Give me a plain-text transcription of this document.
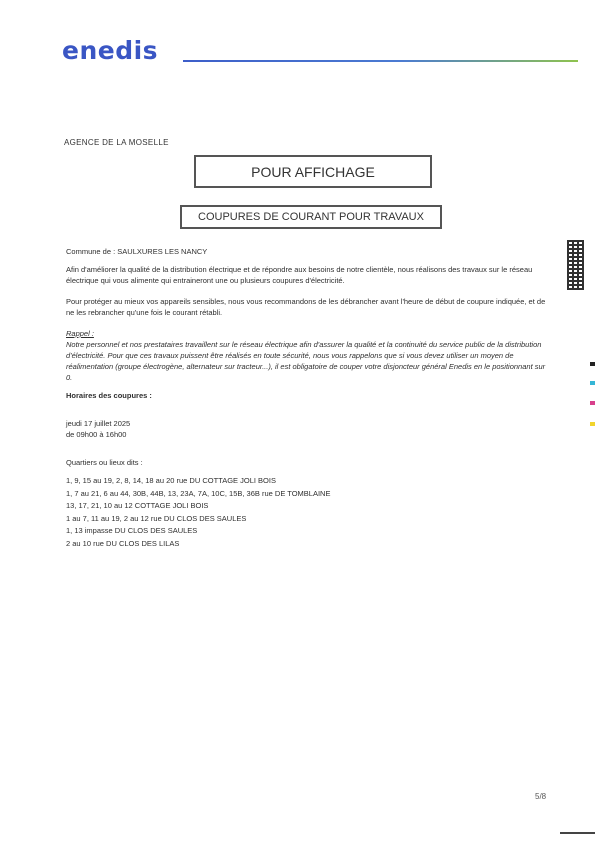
enedis
AGENCE DE LA MOSELLE
POUR AFFICHAGE
COUPURES DE COURANT POUR TRAVAUX

Commune de : SAULXURES LES NANCY

Afin d'améliorer la qualité de la distribution électrique et de répondre aux besoins de notre clientèle, nous réalisons des travaux sur le réseau électrique qui vous alimente qui entraineront une ou plusieurs coupures d'électricité.

Pour protéger au mieux vos appareils sensibles, nous vous recommandons de les débrancher avant l'heure de début de coupure indiquée, et de ne les rebrancher qu'une fois le courant rétabli.

Rappel :

Notre personnel et nos prestataires travaillent sur le réseau électrique afin d'assurer la qualité et la continuité du service public de la distribution d'électricité. Pour que ces travaux puissent être réalisés en toute sécurité, nous vous rappelons que si vous devez utiliser un moyen de réalimentation (groupe électrogène, alternateur sur tracteur...), il est obligatoire de couper votre disjoncteur général Enedis en le positionnant sur 0.

Horaires des coupures :

jeudi 17 juillet 2025

de 09h00 à 16h00

Quartiers ou lieux dits :

1, 9, 15 au 19, 2, 8, 14, 18 au 20 rue DU COTTAGE JOLI BOIS

1, 7 au 21, 6 au 44, 30B, 44B, 13, 23A, 7A, 10C, 15B, 36B rue DE TOMBLAINE

13, 17, 21, 10 au 12 COTTAGE JOLI BOIS

1 au 7, 11 au 19, 2 au 12 rue DU CLOS DES SAULES

1, 13 impasse DU CLOS DES SAULES

2 au 10 rue DU CLOS DES LILAS

5/8
